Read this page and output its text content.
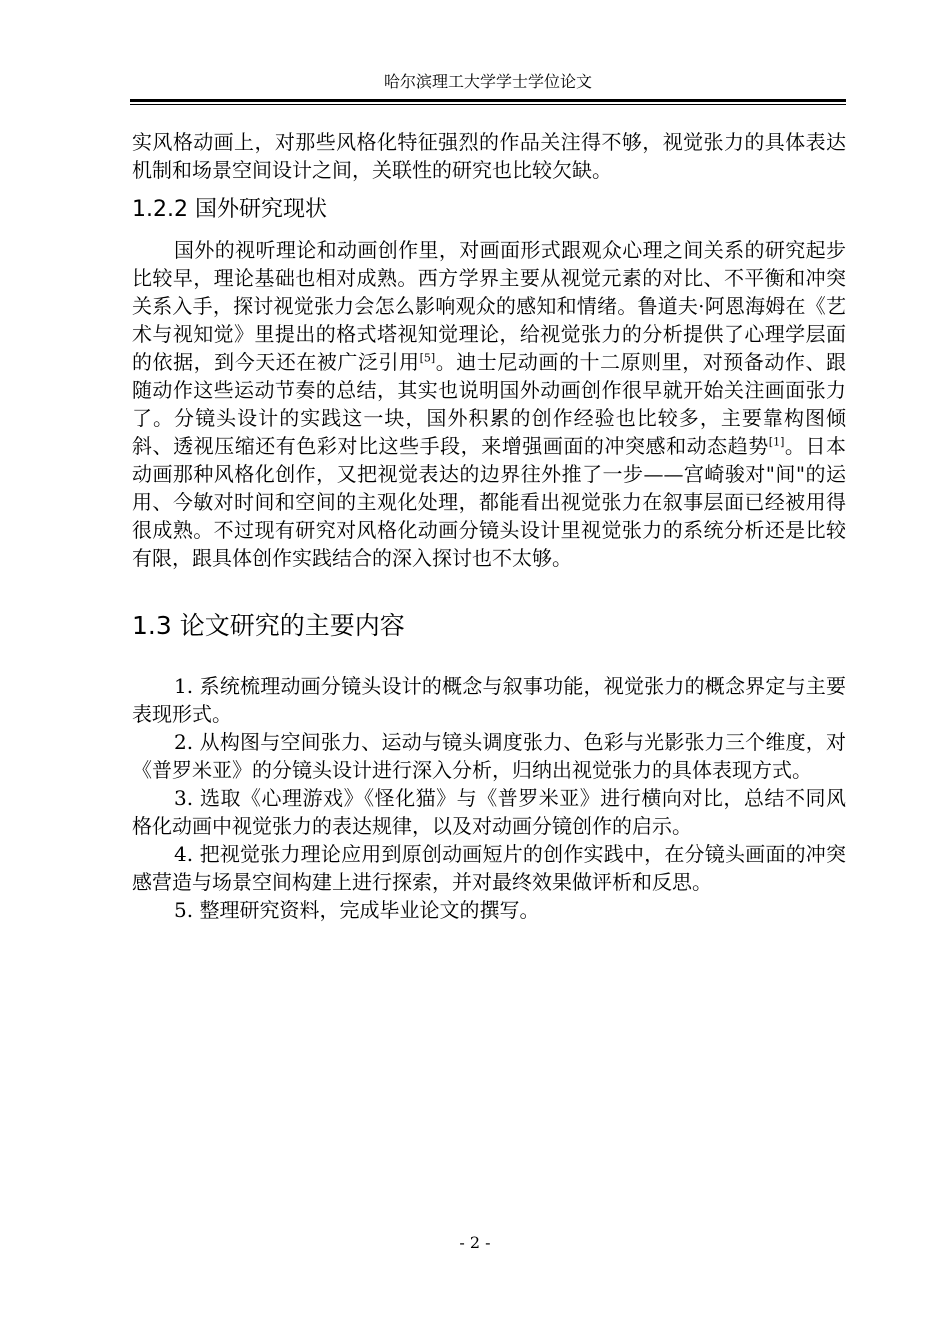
哈尔滨理工大学学士学位论文

实风格动画上，对那些风格化特征强烈的作品关注得不够，视觉张力的具体表达机制和场景空间设计之间，关联性的研究也比较欠缺。

1.2.2 国外研究现状

国外的视听理论和动画创作里，对画面形式跟观众心理之间关系的研究起步比较早，理论基础也相对成熟。西方学界主要从视觉元素的对比、不平衡和冲突关系入手，探讨视觉张力会怎么影响观众的感知和情绪。鲁道夫·阿恩海姆在《艺术与视知觉》里提出的格式塔视知觉理论，给视觉张力的分析提供了心理学层面的依据，到今天还在被广泛引用[5]。迪士尼动画的十二原则里，对预备动作、跟随动作这些运动节奏的总结，其实也说明国外动画创作很早就开始关注画面张力了。分镜头设计的实践这一块，国外积累的创作经验也比较多，主要靠构图倾斜、透视压缩还有色彩对比这些手段，来增强画面的冲突感和动态趋势[1]。日本动画那种风格化创作，又把视觉表达的边界往外推了一步——宫崎骏对"间"的运用、今敏对时间和空间的主观化处理，都能看出视觉张力在叙事层面已经被用得很成熟。不过现有研究对风格化动画分镜头设计里视觉张力的系统分析还是比较有限，跟具体创作实践结合的深入探讨也不太够。

1.3 论文研究的主要内容

1. 系统梳理动画分镜头设计的概念与叙事功能，视觉张力的概念界定与主要表现形式。

2. 从构图与空间张力、运动与镜头调度张力、色彩与光影张力三个维度，对《普罗米亚》的分镜头设计进行深入分析，归纳出视觉张力的具体表现方式。

3. 选取《心理游戏》《怪化猫》与《普罗米亚》进行横向对比，总结不同风格化动画中视觉张力的表达规律，以及对动画分镜创作的启示。

4. 把视觉张力理论应用到原创动画短片的创作实践中，在分镜头画面的冲突感营造与场景空间构建上进行探索，并对最终效果做评析和反思。

5. 整理研究资料，完成毕业论文的撰写。

- 2 -
